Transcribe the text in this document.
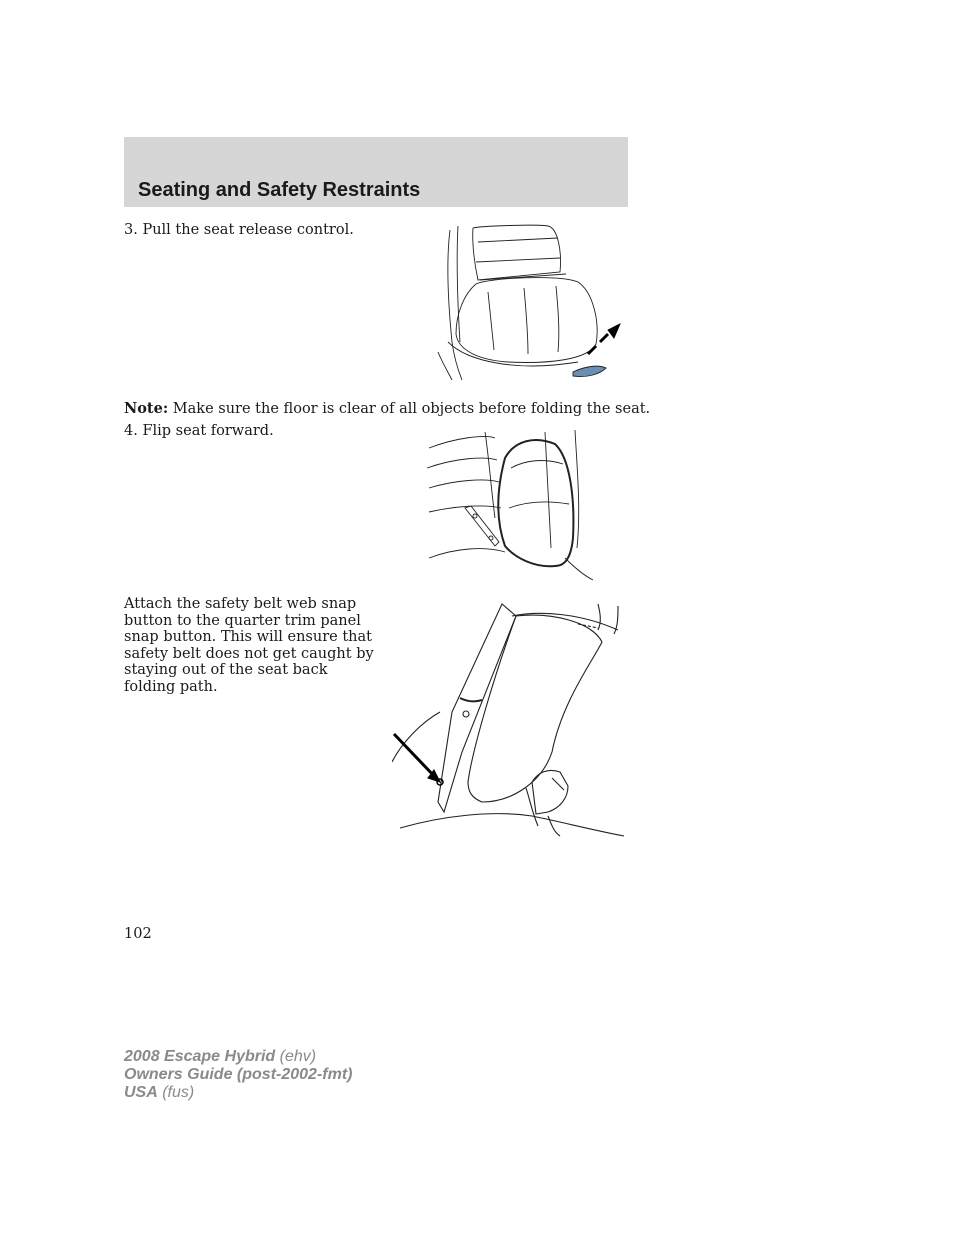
Seating and Safety Restraints

3. Pull the seat release control.

Note: Make sure the floor is clear of all objects before folding the seat.

4. Flip seat forward.

Attach the safety belt web snap button to the quarter trim panel snap button. This will ensure that safety belt does not get caught by staying out of the seat back folding path.

102
2008 Escape Hybrid (ehv)
Owners Guide (post-2002-fmt)
USA (fus)
